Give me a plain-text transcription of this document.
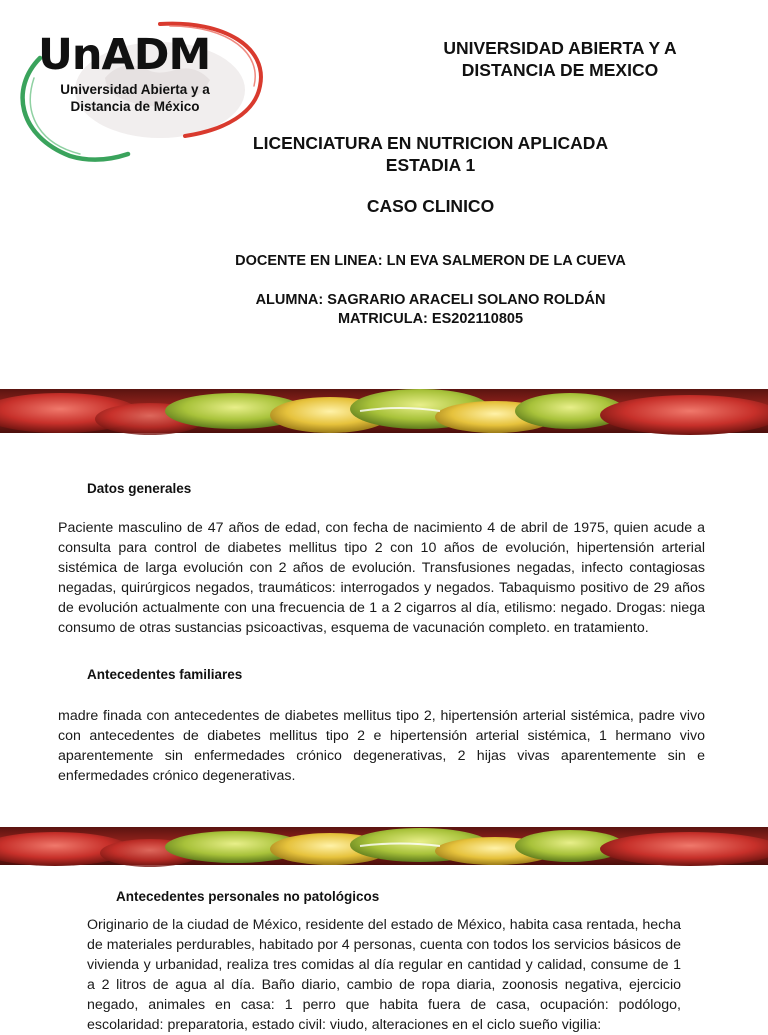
UnADM
Universidad Abierta y a Distancia de México
UNIVERSIDAD ABIERTA Y A DISTANCIA DE MEXICO
LICENCIATURA EN NUTRICION APLICADA
ESTADIA 1
CASO CLINICO
DOCENTE EN LINEA: LN EVA SALMERON DE LA CUEVA
ALUMNA: SAGRARIO ARACELI SOLANO ROLDÁN
MATRICULA: ES202110805
Datos generales

Paciente masculino de 47 años de edad, con fecha de nacimiento 4 de abril de 1975, quien acude a consulta para control de diabetes mellitus tipo 2 con 10 años de evolución, hipertensión arterial sistémica de larga evolución con 2 años de evolución. Transfusiones negadas, infecto contagiosas negadas, quirúrgicos negados, traumáticos: interrogados y negados. Tabaquismo positivo de 29 años de evolución actualmente con una frecuencia de 1 a 2 cigarros al día, etilismo: negado. Drogas: niega consumo de otras sustancias psicoactivas, esquema de vacunación completo. en tratamiento.

Antecedentes familiares

madre finada con antecedentes de diabetes mellitus tipo 2, hipertensión arterial sistémica, padre vivo con antecedentes de diabetes mellitus tipo 2 e hipertensión arterial sistémica, 1 hermano vivo aparentemente sin enfermedades crónico degenerativas, 2 hijas vivas aparentemente sin e enfermedades crónico degenerativas.

Antecedentes personales no patológicos

Originario de la ciudad de México, residente del estado de México, habita casa rentada, hecha de materiales perdurables, habitado por 4 personas, cuenta con todos los servicios básicos de vivienda y urbanidad, realiza tres comidas al día regular en cantidad y calidad, consume de 1 a 2 litros de agua al día. Baño diario, cambio de ropa diaria, zoonosis negativa, ejercicio negado, animales en casa: 1 perro que habita fuera de casa, ocupación: podólogo, escolaridad: preparatoria, estado civil: viudo, alteraciones en el ciclo sueño vigilia:
